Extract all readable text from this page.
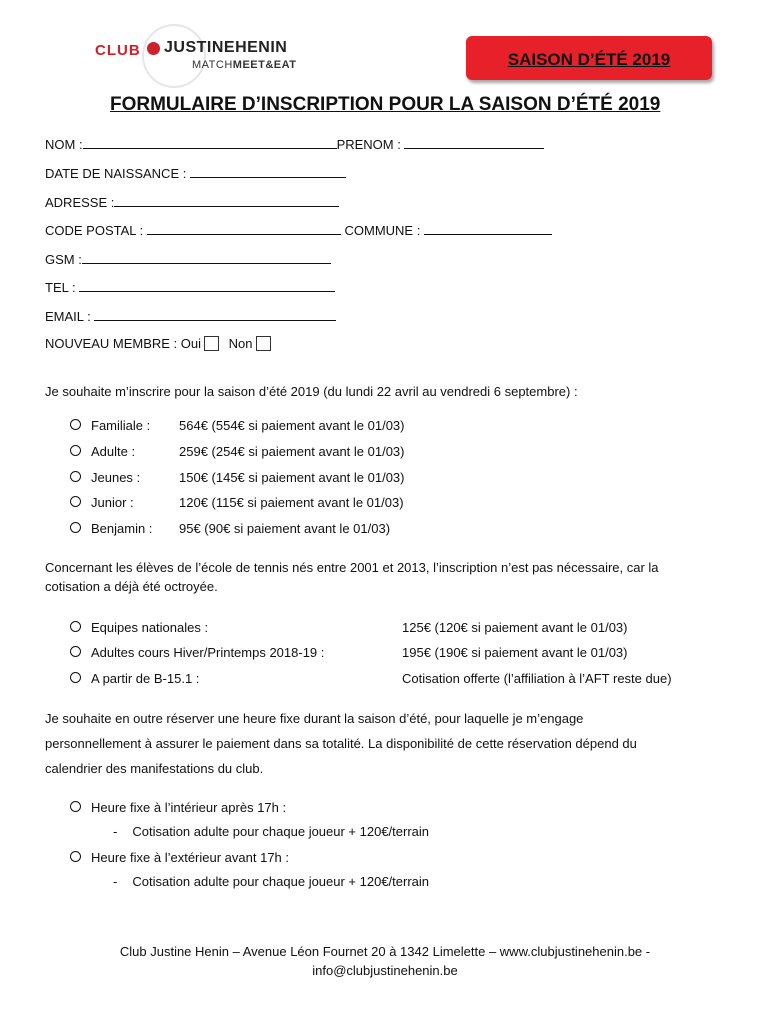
CLUB JUSTINEHENIN
MATCHMEET&EAT	SAISON D’ÉTÉ 2019
FORMULAIRE D’INSCRIPTION POUR LA SAISON D’ÉTÉ 2019
NOM :	PRENOM :
DATE DE NAISSANCE :
ADRESSE :
CODE POSTAL :	COMMUNE :
GSM :
TEL :
EMAIL :
NOUVEAU MEMBRE : Oui Non
Je souhaite m’inscrire pour la saison d’été 2019 (du lundi 22 avril au vendredi 6 septembre) :
Familiale : 564€ (554€ si paiement avant le 01/03)
Adulte :	259€ (254€ si paiement avant le 01/03)
Jeunes :	150€ (145€ si paiement avant le 01/03)
Junior :	120€ (115€ si paiement avant le 01/03)
Benjamin : 95€ (90€ si paiement avant le 01/03)
Concernant les élèves de l’école de tennis nés entre 2001 et 2013, l’inscription n’est pas nécessaire, car la cotisation a déjà été octroyée.
Equipes nationales :	125€ (120€ si paiement avant le 01/03)
Adultes cours Hiver/Printemps 2018-19 :	195€ (190€ si paiement avant le 01/03)
A partir de B-15.1 :	Cotisation offerte (l’affiliation à l’AFT reste due)
Je souhaite en outre réserver une heure fixe durant la saison d’été, pour laquelle je m’engage
personnellement à assurer le paiement dans sa totalité. La disponibilité de cette réservation dépend du
calendrier des manifestations du club.
Heure fixe à l’intérieur après 17h :
- Cotisation adulte pour chaque joueur + 120€/terrain
Heure fixe à l’extérieur avant 17h :
- Cotisation adulte pour chaque joueur + 120€/terrain
Club Justine Henin – Avenue Léon Fournet 20 à 1342 Limelette – www.clubjustinehenin.be -
info@clubjustinehenin.be
